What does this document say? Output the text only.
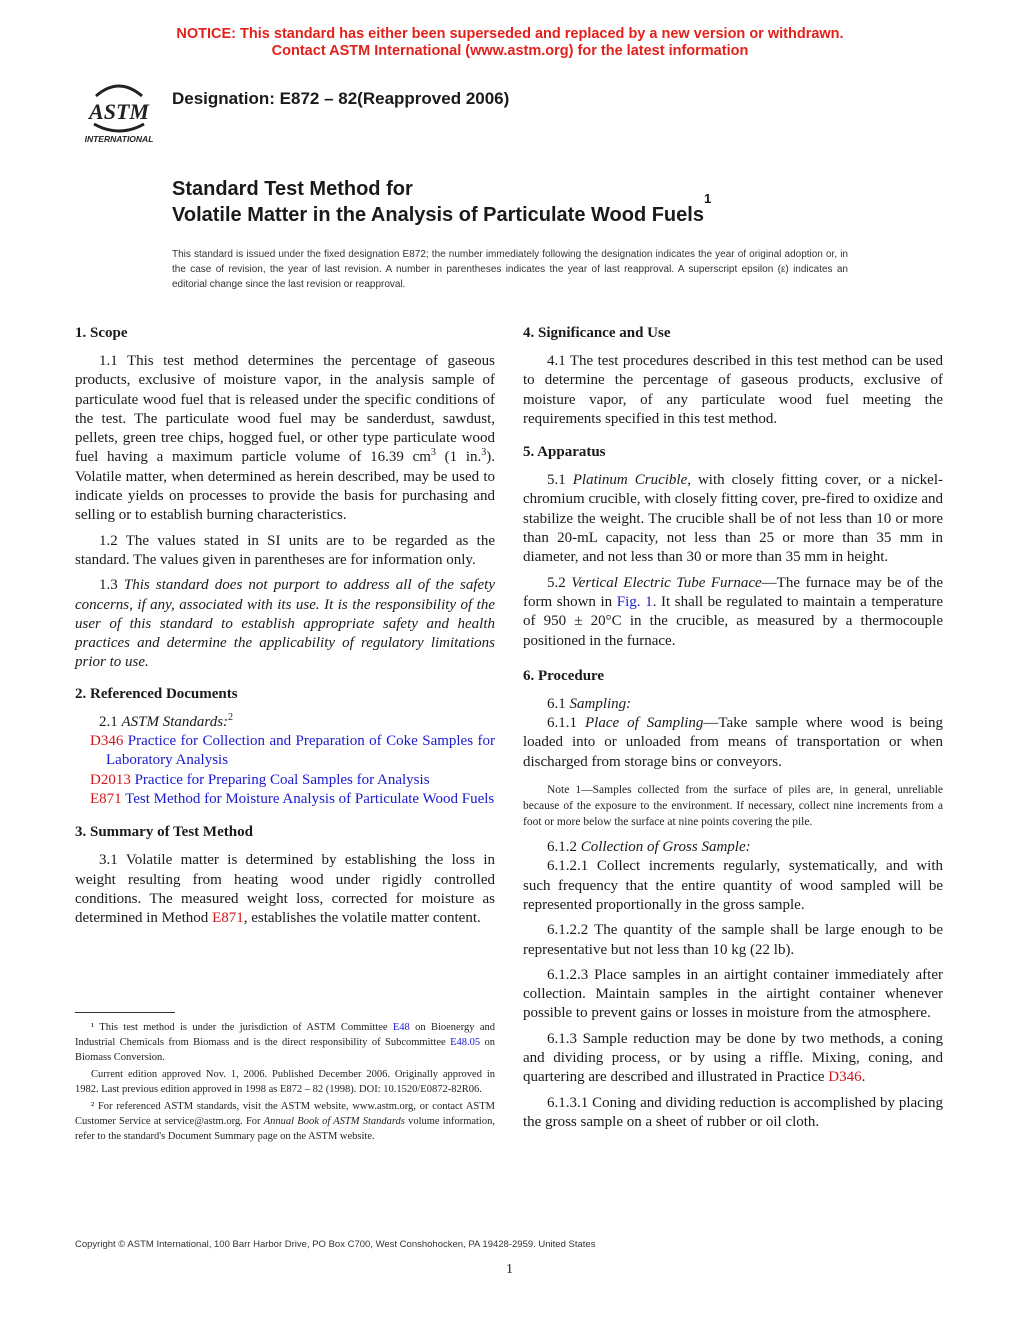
NOTICE: This standard has either been superseded and replaced by a new version or withdrawn.
Contact ASTM International (www.astm.org) for the latest information
ASTM
INTERNATIONAL
Designation: E872 – 82(Reapproved 2006)
Standard Test Method for
Volatile Matter in the Analysis of Particulate Wood Fuels$^1$
This standard is issued under the fixed designation E872; the number immediately following the designation indicates the year of original adoption or, in the case of revision, the year of last revision. A number in parentheses indicates the year of last reapproval. A superscript epsilon (ε) indicates an editorial change since the last revision or reapproval.
1. Scope

1.1 This test method determines the percentage of gaseous products, exclusive of moisture vapor, in the analysis sample of particulate wood fuel that is released under the specific conditions of the test. The particulate wood fuel may be sanderdust, sawdust, pellets, green tree chips, hogged fuel, or other type particulate wood fuel having a maximum particle volume of 16.39 $cm^3$ (1 in.$^3$). Volatile matter, when determined as herein described, may be used to indicate yields on processes to provide the basis for purchasing and selling or to establish burning characteristics.

1.2 The values stated in SI units are to be regarded as the standard. The values given in parentheses are for information only.

1.3 This standard does not purport to address all of the safety concerns, if any, associated with its use. It is the responsibility of the user of this standard to establish appropriate safety and health practices and determine the applicability of regulatory limitations prior to use.

2. Referenced Documents

2.1 ASTM Standards:$^2$

D346 Practice for Collection and Preparation of Coke Samples for Laboratory Analysis
D2013 Practice for Preparing Coal Samples for Analysis
E871 Test Method for Moisture Analysis of Particulate Wood Fuels
3. Summary of Test Method

3.1 Volatile matter is determined by establishing the loss in weight resulting from heating wood under rigidly controlled conditions. The measured weight loss, corrected for moisture as determined in Method E871, establishes the volatile matter content.

¹ This test method is under the jurisdiction of ASTM Committee E48 on Bioenergy and Industrial Chemicals from Biomass and is the direct responsibility of Subcommittee E48.05 on Biomass Conversion.

Current edition approved Nov. 1, 2006. Published December 2006. Originally approved in 1982. Last previous edition approved in 1998 as E872 – 82 (1998). DOI: 10.1520/E0872-82R06.

² For referenced ASTM standards, visit the ASTM website, www.astm.org, or contact ASTM Customer Service at service@astm.org. For Annual Book of ASTM Standards volume information, refer to the standard's Document Summary page on the ASTM website.

4. Significance and Use

4.1 The test procedures described in this test method can be used to determine the percentage of gaseous products, exclusive of moisture vapor, of any particulate wood fuel meeting the requirements specified in this test method.

5. Apparatus

5.1 Platinum Crucible, with closely fitting cover, or a nickel-chromium crucible, with closely fitting cover, pre-fired to oxidize and stabilize the weight. The crucible shall be of not less than 10 or more than 20-mL capacity, not less than 25 or more than 35 mm in diameter, and not less than 30 or more than 35 mm in height.

5.2 Vertical Electric Tube Furnace—The furnace may be of the form shown in Fig. 1. It shall be regulated to maintain a temperature of 950 ± 20°C in the crucible, as measured by a thermocouple positioned in the furnace.

6. Procedure

6.1 Sampling:

6.1.1 Place of Sampling—Take sample where wood is being loaded into or unloaded from means of transportation or when discharged from storage bins or conveyors.

Note 1—Samples collected from the surface of piles are, in general, unreliable because of the exposure to the environment. If necessary, collect nine increments from a foot or more below the surface at nine points covering the pile.

6.1.2 Collection of Gross Sample:

6.1.2.1 Collect increments regularly, systematically, and with such frequency that the entire quantity of wood sampled will be represented proportionally in the gross sample.

6.1.2.2 The quantity of the sample shall be large enough to be representative but not less than 10 kg (22 lb).

6.1.2.3 Place samples in an airtight container immediately after collection. Maintain samples in the airtight container whenever possible to prevent gains or losses in moisture from the atmosphere.

6.1.3 Sample reduction may be done by two methods, a coning and dividing process, or by using a riffle. Mixing, coning, and quartering are described and illustrated in Practice D346.

6.1.3.1 Coning and dividing reduction is accomplished by placing the gross sample on a sheet of rubber or oil cloth.

Copyright © ASTM International, 100 Barr Harbor Drive, PO Box C700, West Conshohocken, PA 19428-2959. United States
1
